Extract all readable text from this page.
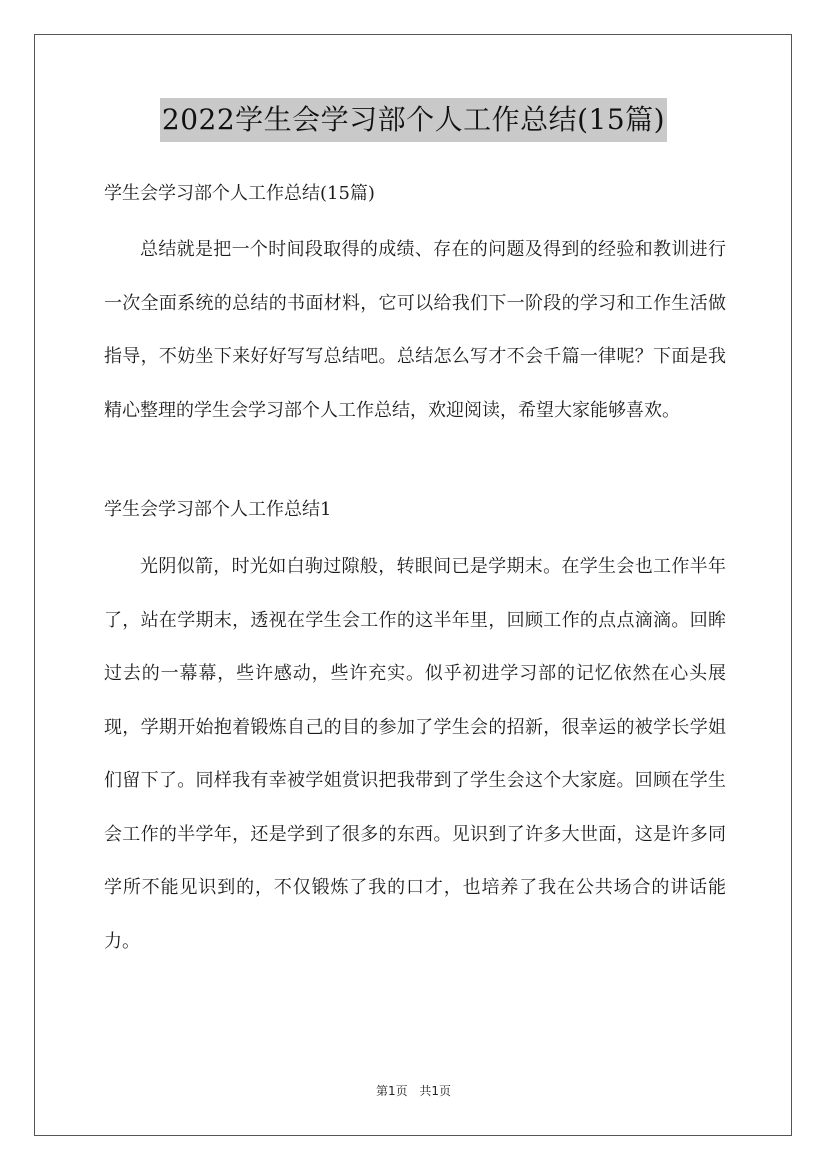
2022学生会学习部个人工作总结(15篇)

学生会学习部个人工作总结(15篇)

总结就是把一个时间段取得的成绩、存在的问题及得到的经验和教训进行一次全面系统的总结的书面材料，它可以给我们下一阶段的学习和工作生活做指导，不妨坐下来好好写写总结吧。总结怎么写才不会千篇一律呢？下面是我精心整理的学生会学习部个人工作总结，欢迎阅读，希望大家能够喜欢。

学生会学习部个人工作总结1

光阴似箭，时光如白驹过隙般，转眼间已是学期末。在学生会也工作半年了，站在学期末，透视在学生会工作的这半年里，回顾工作的点点滴滴。回眸过去的一幕幕，些许感动，些许充实。似乎初进学习部的记忆依然在心头展现，学期开始抱着锻炼自己的目的参加了学生会的招新，很幸运的被学长学姐们留下了。同样我有幸被学姐赏识把我带到了学生会这个大家庭。回顾在学生会工作的半学年，还是学到了很多的东西。见识到了许多大世面，这是许多同学所不能见识到的，不仅锻炼了我的口才，也培养了我在公共场合的讲话能力。

第1页 共1页
